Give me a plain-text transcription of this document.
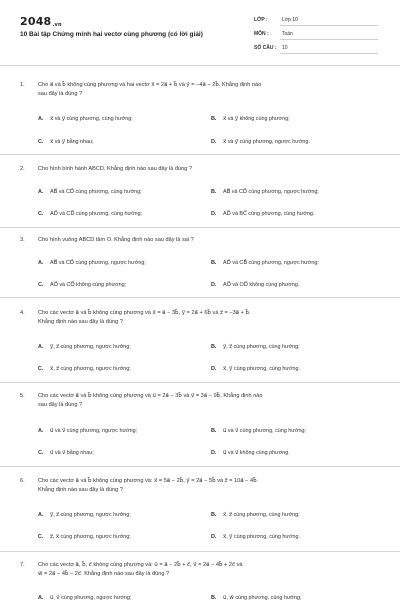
$2048_{.vn}$
10 Bài tập Chứng minh hai vectơ cùng phương (có lời giải)
LỚP :	Lớp 10
MÔN :	Toán
SỐ CÂU : 10
1. Cho a⃗ và b⃗ không cùng phương và hai vectơ x⃗ = 2a⃗ + b⃗ và y⃗ = −4a⃗ − 2b⃗. Khẳng định nào
sau đây là đúng ?
A. x⃗ và y⃗ cùng phương, cùng hướng;	B. x⃗ và y⃗ không cùng phương;
C. x⃗ và y⃗ bằng nhau;	D. x⃗ và y⃗ cùng phương, ngược hướng.
2. Cho hình bình hành ABCD. Khẳng định nào sau đây là đúng ?
A. AB⃗ và CD⃗ cùng phương, cùng hướng;	B. AB⃗ và CD⃗ cùng phương, ngược hướng;
C. AD⃗ và CD⃗ cùng phương, cùng hướng;	D. AD⃗ và BC⃗ cùng phương, cùng hướng.
3. Cho hình vuông ABCD tâm O. Khẳng định nào sau đây là sai ?
A. AB⃗ và CD⃗ cùng phương, ngược hướng;	B. AD⃗ và CB⃗ cùng phương, ngược hướng;
C. AO⃗ và CO⃗ không cùng phương;	D. AO⃗ và OD⃗ không cùng phương.
4. Cho các vectơ a⃗ và b⃗ không cùng phương và x⃗ = a⃗ − 3b⃗, y⃗ = 2a⃗ + 6b⃗ và z⃗ = −3a⃗ + b⃗.
Khẳng định nào sau đây là đúng ?
A. y⃗, z⃗ cùng phương, ngược hướng;	B. y⃗, z⃗ cùng phương, cùng hướng;
C. x⃗, z⃗ cùng phương, ngược hướng;	D. x⃗, y⃗ cùng phương, cùng hướng.
5. Cho các vectơ a⃗ và b⃗ không cùng phương và u⃗ = 2a⃗ − 3b⃗ và v⃗ = 3a⃗ − 9b⃗. Khẳng định nào
sau đây là đúng ?
A. u⃗ và v⃗ cùng phương, ngược hướng;	B. u⃗ và v⃗ cùng phương, cùng hướng;
C. u⃗ và v⃗ bằng nhau;	D. u⃗ và v⃗ không cùng phương.
6. Cho các vectơ a⃗ và b⃗ không cùng phương và: x⃗ = 5a⃗ − 2b⃗, y⃗ = 2a⃗ − 5b⃗ và z⃗ = 10a⃗ − 4b⃗.
Khẳng định nào sau đây là đúng ?
A. y⃗, z⃗ cùng phương, ngược hướng;	B. x⃗, z⃗ cùng phương, cùng hướng;
C. z⃗, x⃗ cùng phương, ngược hướng;	D. x⃗, y⃗ cùng phương, cùng hướng.
7. Cho các vectơ a⃗, b⃗, c⃗ không cùng phương và: u⃗ = a⃗ − 2b⃗ + c⃗, v⃗ = 2a⃗ − 4b⃗ + 2c⃗ và
w⃗ = 2a⃗ − 4b⃗ − 2c⃗. Khẳng định nào sau đây là đúng ?
A. u⃗, v⃗ cùng phương, ngược hướng;	B. u⃗, w⃗ cùng phương, cùng hướng;
